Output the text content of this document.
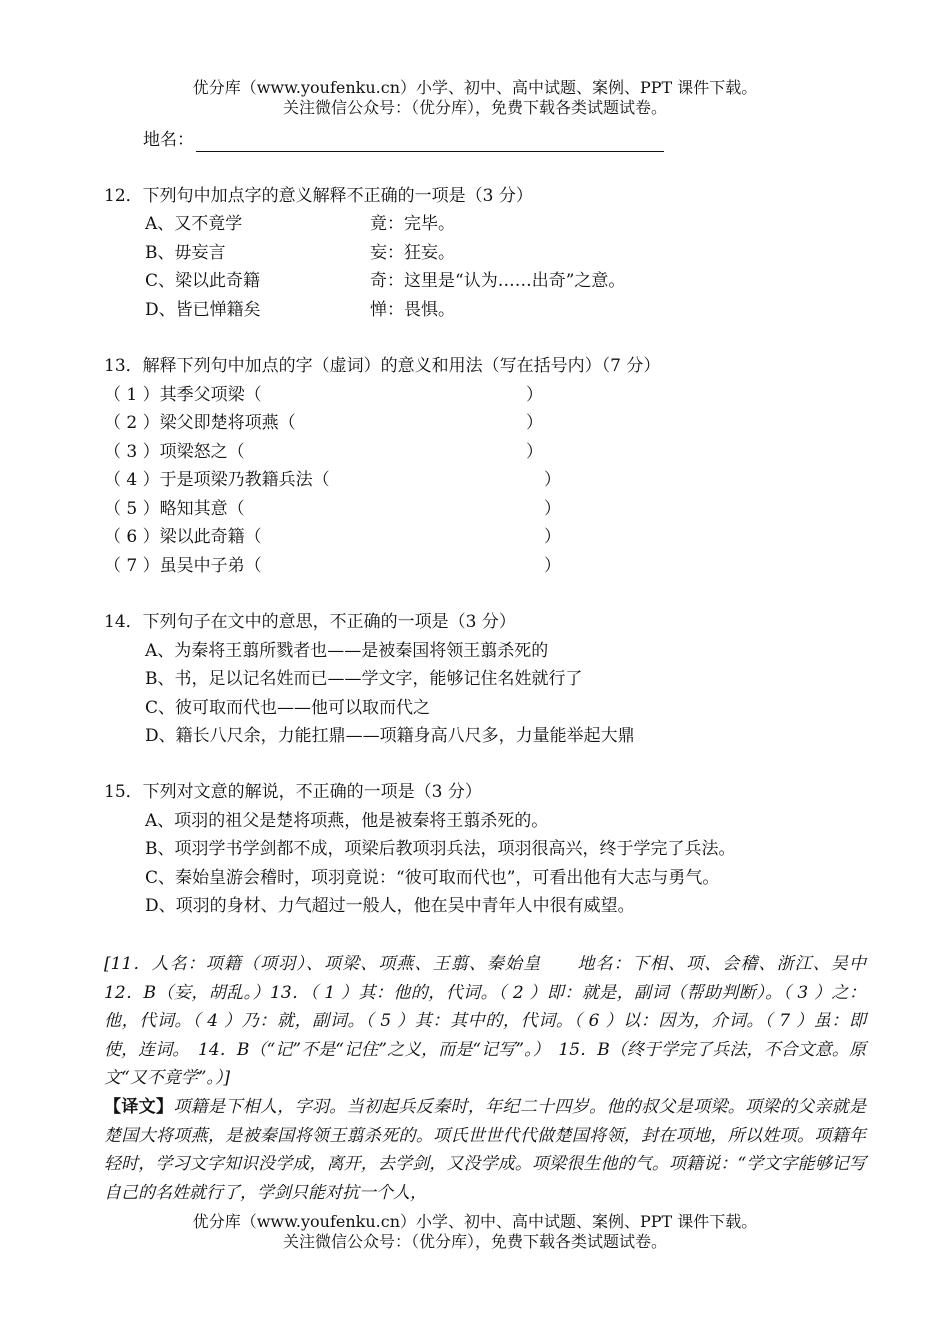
优分库（www.youfenku.cn）小学、初中、高中试题、案例、PPT 课件下载。
关注微信公众号：（优分库），免费下载各类试题试卷。
地名：
12．下列句中加点字的意义解释不正确的一项是（3 分）
A、又不竟学	竟：完毕。
B、毋妄言	妄：狂妄。
C、梁以此奇籍	奇：这里是“认为……出奇”之意。
D、皆已惮籍矣	惮：畏惧。
13．解释下列句中加点的字（虚词）的意义和用法（写在括号内）（7 分）
（ 1 ）其季父项梁（	）
（ 2 ）梁父即楚将项燕（	）
（ 3 ）项梁怒之（	）
（ 4 ）于是项梁乃教籍兵法（	）
（ 5 ）略知其意（	）
（ 6 ）梁以此奇籍（	）
（ 7 ）虽吴中子弟（	）
14．下列句子在文中的意思，不正确的一项是（3 分）
A、为秦将王翦所戮者也——是被秦国将领王翦杀死的
B、书，足以记名姓而已——学文字，能够记住名姓就行了
C、彼可取而代也——他可以取而代之
D、籍长八尺余，力能扛鼎——项籍身高八尺多，力量能举起大鼎
15．下列对文意的解说，不正确的一项是（3 分）
A、项羽的祖父是楚将项燕，他是被秦将王翦杀死的。
B、项羽学书学剑都不成，项梁后教项羽兵法，项羽很高兴，终于学完了兵法。
C、秦始皇游会稽时，项羽竟说：“彼可取而代也”，可看出他有大志与勇气。
D、项羽的身材、力气超过一般人，他在吴中青年人中很有威望。

[11．人名：项籍（项羽）、项梁、项燕、王翦、秦始皇　　地名：下相、项、会稽、浙江、吴中　12．B（妄，胡乱。）13．（ 1 ）其：他的，代词。（ 2 ）即：就是，副词（帮助判断）。（ 3 ）之：他，代词。（ 4 ）乃：就，副词。（ 5 ）其：其中的，代词。（ 6 ）以：因为，介词。（ 7 ）虽：即使，连词。　14．B（“记”不是“记住”之义，而是“记写”。）　15．B（终于学完了兵法，不合文意。原文“又不竟学”。）]

【译文】项籍是下相人，字羽。当初起兵反秦时，年纪二十四岁。他的叔父是项梁。项梁的父亲就是楚国大将项燕，是被秦国将领王翦杀死的。项氏世世代代做楚国将领，封在项地，所以姓项。项籍年轻时，学习文字知识没学成，离开，去学剑，又没学成。项梁很生他的气。项籍说：“学文字能够记写自己的名姓就行了，学剑只能对抗一个人，

优分库（www.youfenku.cn）小学、初中、高中试题、案例、PPT 课件下载。
关注微信公众号：（优分库），免费下载各类试题试卷。
